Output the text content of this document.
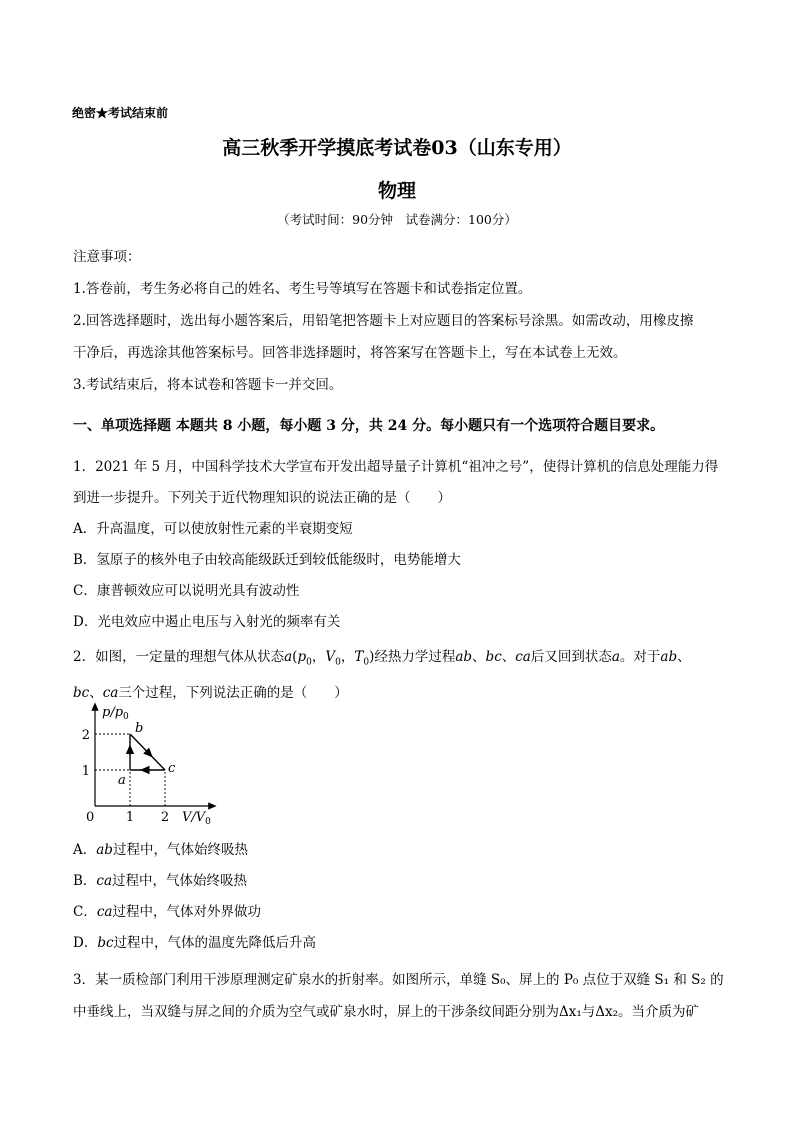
绝密★考试结束前
高三秋季开学摸底考试卷03（山东专用）
物理
（考试时间：90分钟　试卷满分：100分）
注意事项：
1.答卷前，考生务必将自己的姓名、考生号等填写在答题卡和试卷指定位置。
2.回答选择题时，选出每小题答案后，用铅笔把答题卡上对应题目的答案标号涂黑。如需改动，用橡皮擦
干净后，再选涂其他答案标号。回答非选择题时，将答案写在答题卡上，写在本试卷上无效。
3.考试结束后，将本试卷和答题卡一并交回。
一、单项选择题 本题共 8 小题，每小题 3 分，共 24 分。每小题只有一个选项符合题目要求。
1．2021 年 5 月，中国科学技术大学宣布开发出超导量子计算机“祖冲之号”，使得计算机的信息处理能力得
到进一步提升。下列关于近代物理知识的说法正确的是（　　）
A．升高温度，可以使放射性元素的半衰期变短
B．氢原子的核外电子由较高能级跃迁到较低能级时，电势能增大
C．康普顿效应可以说明光具有波动性
D．光电效应中遏止电压与入射光的频率有关
2．如图，一定量的理想气体从状态$a(p_0$，$V_0$，$T_0$)经热力学过程ab、bc、ca后又回到状态a。对于ab、
bc、ca三个过程，下列说法正确的是（　　）
$p/p_0$
$V/V_0$
0 1 2
1
2
a
b
c
A．ab过程中，气体始终吸热
B．ca过程中，气体始终吸热
C．ca过程中，气体对外界做功
D．bc过程中，气体的温度先降低后升高
3．某一质检部门利用干涉原理测定矿泉水的折射率。如图所示，单缝 S₀、屏上的 P₀ 点位于双缝 S₁ 和 S₂ 的
中垂线上，当双缝与屏之间的介质为空气或矿泉水时，屏上的干涉条纹间距分别为Δx₁与Δx₂。当介质为矿
